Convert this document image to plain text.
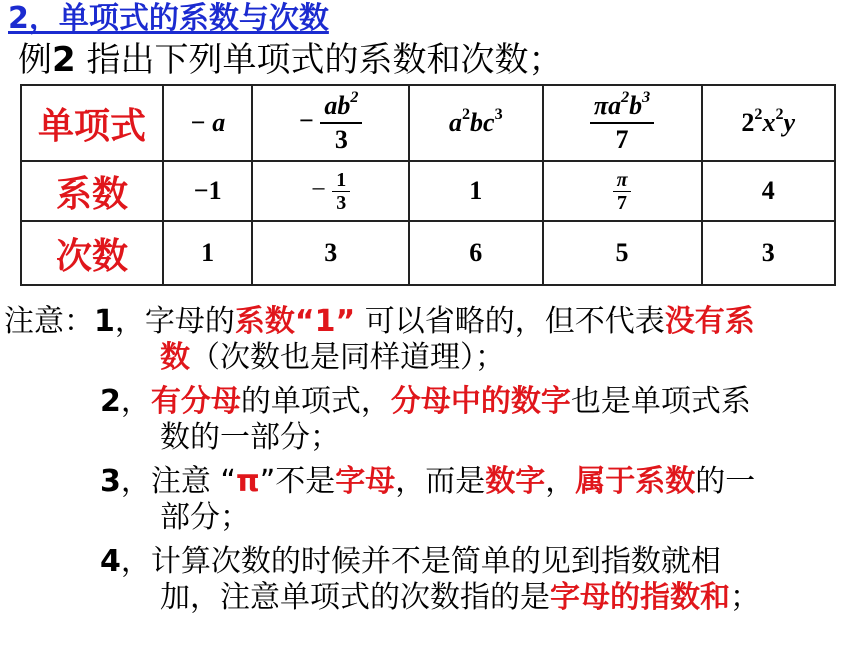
2，单项式的系数与次数
例2 指出下列单项式的系数和次数；
单项式	− a	− $\frac{ab^2}{3}$	$a^2bc^3$	$\frac{\pi a^2b^3}{7}$	$2^2x^2y$
系数	−1	− $\frac{1}{3}$	1	$\frac{\pi}{7}$	4
次数	1	3	6	5	3
注意：1，字母的系数“1” 可以省略的，但不代表没有系
数（次数也是同样道理）；
2，有分母的单项式，分母中的数字也是单项式系
数的一部分；
3，注意 “π”不是字母，而是数字，属于系数的一
部分；
4，计算次数的时候并不是简单的见到指数就相
加，注意单项式的次数指的是字母的指数和；
